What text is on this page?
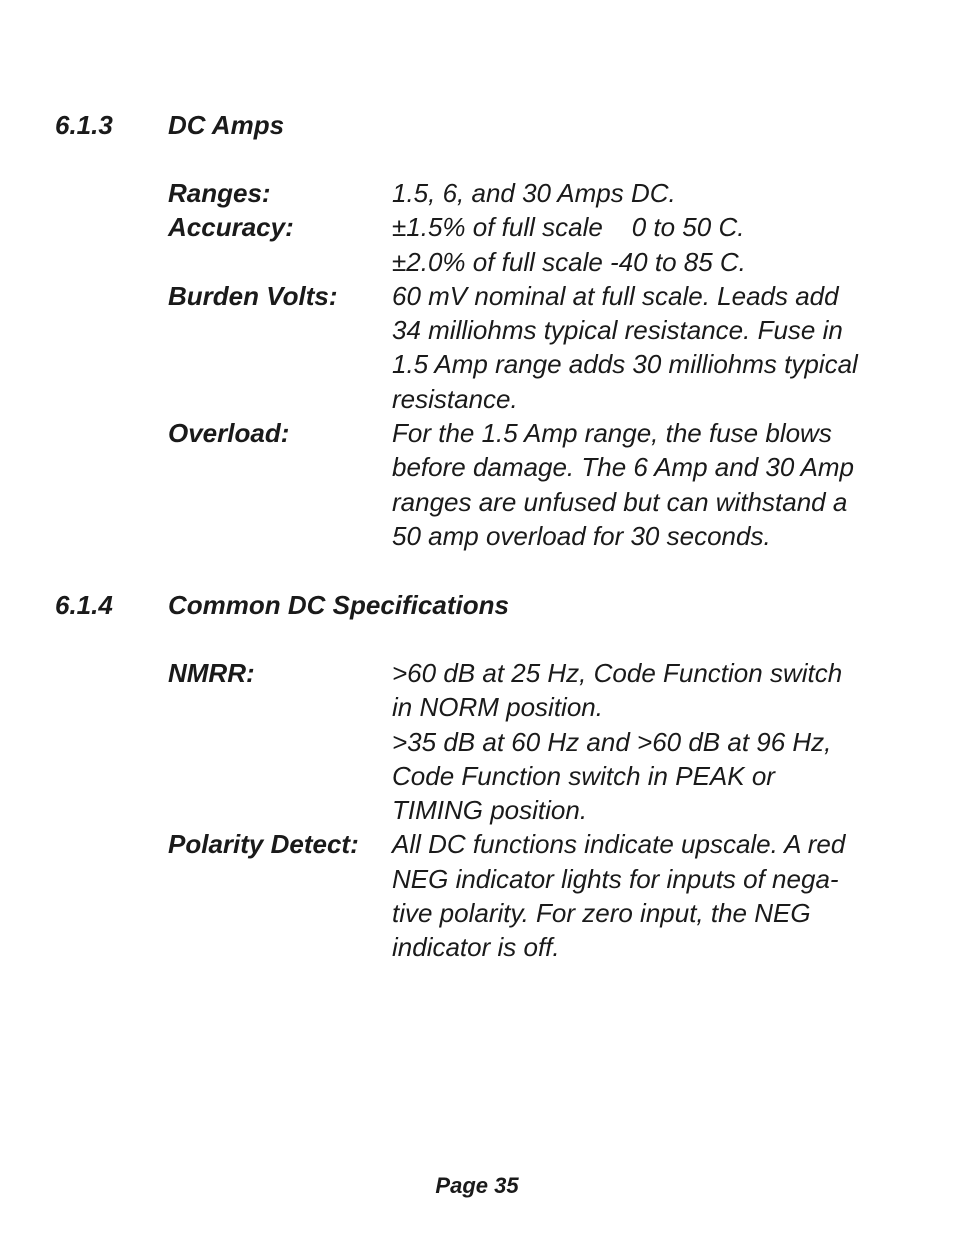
6.1.3 DC Amps
Ranges:	1.5, 6, and 30 Amps DC.
Accuracy:	±1.5% of full scale    0 to 50 C.
±2.0% of full scale -40 to 85 C.
Burden Volts: 60 mV nominal at full scale. Leads add
34 milliohms typical resistance. Fuse in
1.5 Amp range adds 30 milliohms typical
resistance.
Overload:	For the 1.5 Amp range, the fuse blows
before damage. The 6 Amp and 30 Amp
ranges are unfused but can withstand a
50 amp overload for 30 seconds.
6.1.4 Common DC Specifications
NMRR:	>60 dB at 25 Hz, Code Function switch
in NORM position.
>35 dB at 60 Hz and >60 dB at 96 Hz,
Code Function switch in PEAK or
TIMING position.
Polarity Detect: All DC functions indicate upscale. A red
NEG indicator lights for inputs of nega-
tive polarity. For zero input, the NEG
indicator is off.
Page 35
